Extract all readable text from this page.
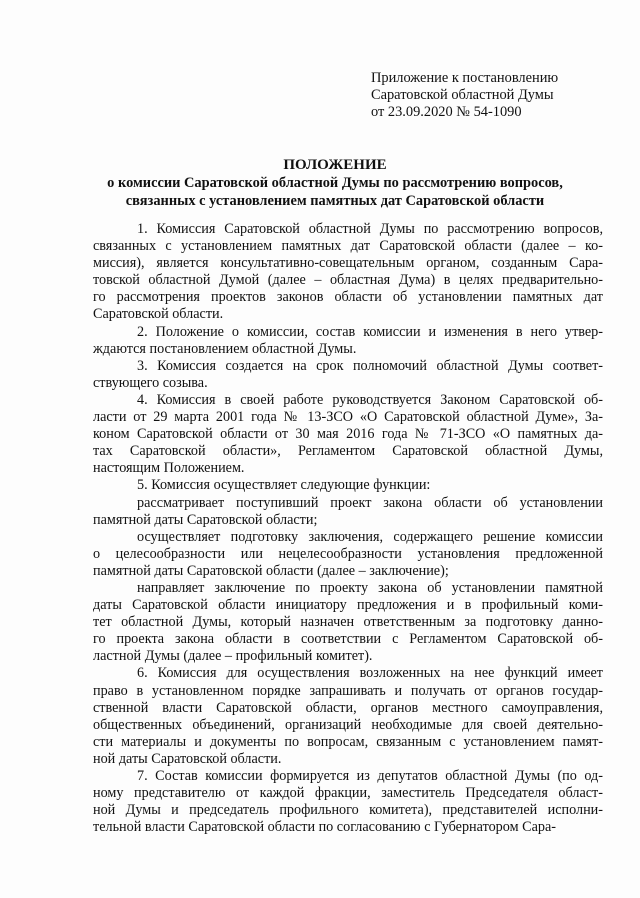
Приложение к постановлению
Саратовской областной Думы
от 23.09.2020 № 54-1090
ПОЛОЖЕНИЕ
о комиссии Саратовской областной Думы по рассмотрению вопросов,
связанных с установлением памятных дат Саратовской области
1. Комиссия Саратовской областной Думы по рассмотрению вопросов,
связанных с установлением памятных дат Саратовской области (далее – ко-
миссия), является консультативно-совещательным органом, созданным Сара-
товской областной Думой (далее – областная Дума) в целях предварительно-
го рассмотрения проектов законов области об установлении памятных дат
Саратовской области.
2. Положение о комиссии, состав комиссии и изменения в него утвер-
ждаются постановлением областной Думы.
3. Комиссия создается на срок полномочий областной Думы соответ-
ствующего созыва.
4. Комиссия в своей работе руководствуется Законом Саратовской об-
ласти от 29 марта 2001 года № 13-ЗСО «О Саратовской областной Думе», За-
коном Саратовской области от 30 мая 2016 года № 71-ЗСО «О памятных да-
тах Саратовской области», Регламентом Саратовской областной Думы,
настоящим Положением.
5. Комиссия осуществляет следующие функции:
рассматривает поступивший проект закона области об установлении
памятной даты Саратовской области;
осуществляет подготовку заключения, содержащего решение комиссии
о целесообразности или нецелесообразности установления предложенной
памятной даты Саратовской области (далее – заключение);
направляет заключение по проекту закона об установлении памятной
даты Саратовской области инициатору предложения и в профильный коми-
тет областной Думы, который назначен ответственным за подготовку данно-
го проекта закона области в соответствии с Регламентом Саратовской об-
ластной Думы (далее – профильный комитет).
6. Комиссия для осуществления возложенных на нее функций имеет
право в установленном порядке запрашивать и получать от органов государ-
ственной власти Саратовской области, органов местного самоуправления,
общественных объединений, организаций необходимые для своей деятельно-
сти материалы и документы по вопросам, связанным с установлением памят-
ной даты Саратовской области.
7. Состав комиссии формируется из депутатов областной Думы (по од-
ному представителю от каждой фракции, заместитель Председателя област-
ной Думы и председатель профильного комитета), представителей исполни-
тельной власти Саратовской области по согласованию с Губернатором Сара-
